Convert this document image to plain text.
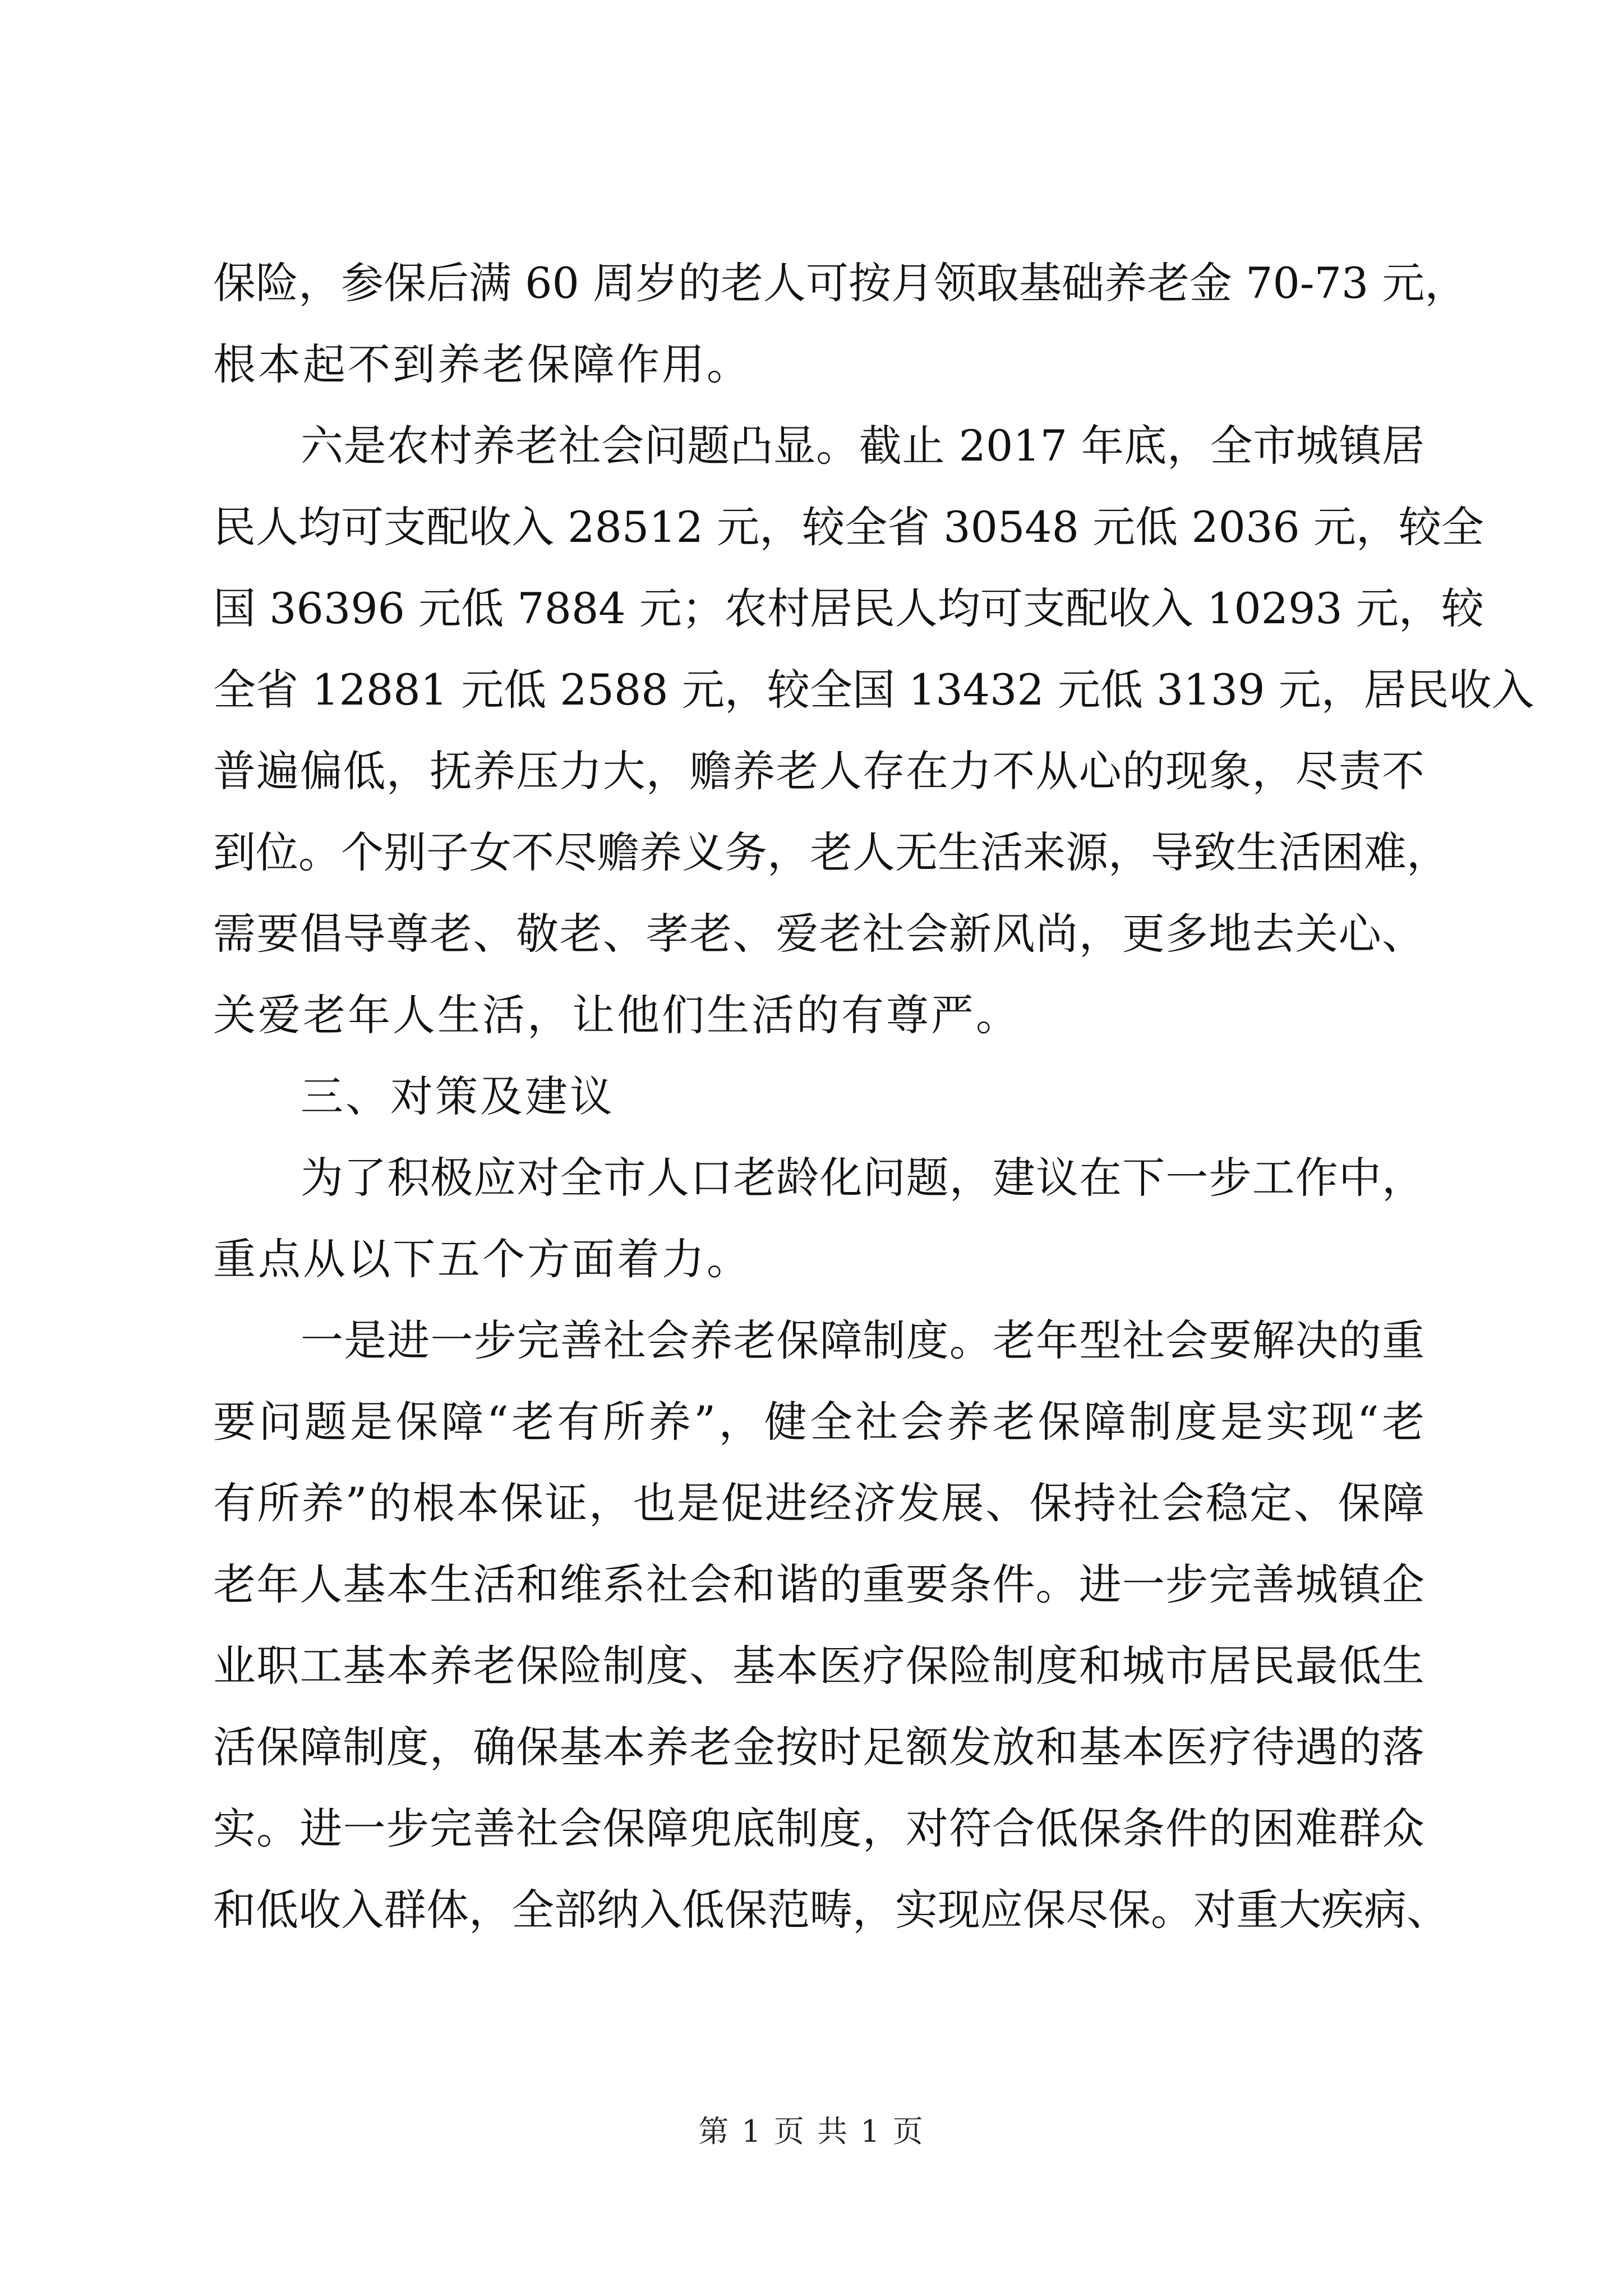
保险，参保后满 60 周岁的老人可按月领取基础养老金 70-73 元，
根本起不到养老保障作用。
六是农村养老社会问题凸显。截止 2017 年底，全市城镇居
民人均可支配收入 28512 元，较全省 30548 元低 2036 元，较全
国 36396 元低 7884 元；农村居民人均可支配收入 10293 元，较
全省 12881 元低 2588 元，较全国 13432 元低 3139 元，居民收入
普遍偏低，抚养压力大，赡养老人存在力不从心的现象，尽责不
到位。个别子女不尽赡养义务，老人无生活来源，导致生活困难，
需要倡导尊老、敬老、孝老、爱老社会新风尚，更多地去关心、
关爱老年人生活，让他们生活的有尊严。
三、对策及建议
为了积极应对全市人口老龄化问题，建议在下一步工作中，
重点从以下五个方面着力。
一是进一步完善社会养老保障制度。老年型社会要解决的重
要问题是保障“老有所养”，健全社会养老保障制度是实现“老
有所养”的根本保证，也是促进经济发展、保持社会稳定、保障
老年人基本生活和维系社会和谐的重要条件。进一步完善城镇企
业职工基本养老保险制度、基本医疗保险制度和城市居民最低生
活保障制度，确保基本养老金按时足额发放和基本医疗待遇的落
实。进一步完善社会保障兜底制度，对符合低保条件的困难群众
和低收入群体，全部纳入低保范畴，实现应保尽保。对重大疾病、
第 1 页 共 1 页
